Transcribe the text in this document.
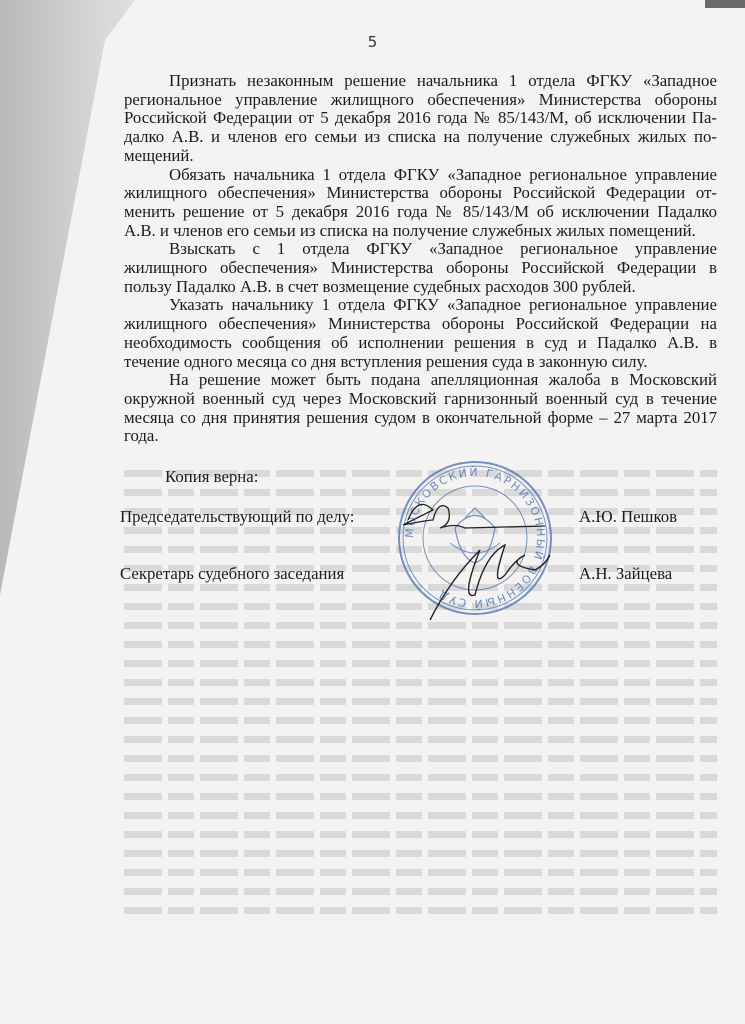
5
Признать незаконным решение начальника 1 отдела ФГКУ «Западное
региональное управление жилищного обеспечения» Министерства обороны
Российской Федерации от 5 декабря 2016 года № 85/143/М, об исключении Па-
далко А.В. и членов его семьи из списка на получение служебных жилых по-
мещений.
Обязать начальника 1 отдела ФГКУ «Западное региональное управление
жилищного обеспечения» Министерства обороны Российской Федерации от-
менить решение от 5 декабря 2016 года № 85/143/М об исключении Падалко
А.В. и членов его семьи из списка на получение служебных жилых помещений.
Взыскать с 1 отдела ФГКУ «Западное региональное управление
жилищного обеспечения» Министерства обороны Российской Федерации в
пользу Падалко А.В. в счет возмещение судебных расходов 300 рублей.
Указать начальнику 1 отдела ФГКУ «Западное региональное управление
жилищного обеспечения» Министерства обороны Российской Федерации на
необходимость сообщения об исполнении решения в суд и Падалко А.В. в
течение одного месяца со дня вступления решения суда в законную силу.
На решение может быть подана апелляционная жалоба в Московский
окружной военный суд через Московский гарнизонный военный суд в течение
месяца со дня принятия решения судом в окончательной форме – 27 марта 2017
года.
Копия верна:
Председательствующий по делу:	А.Ю. Пешков
Секретарь судебного заседания	А.Н. Зайцева
МОСКОВСКИЙ ГАРНИЗОННЫЙ ВОЕННЫЙ СУД
